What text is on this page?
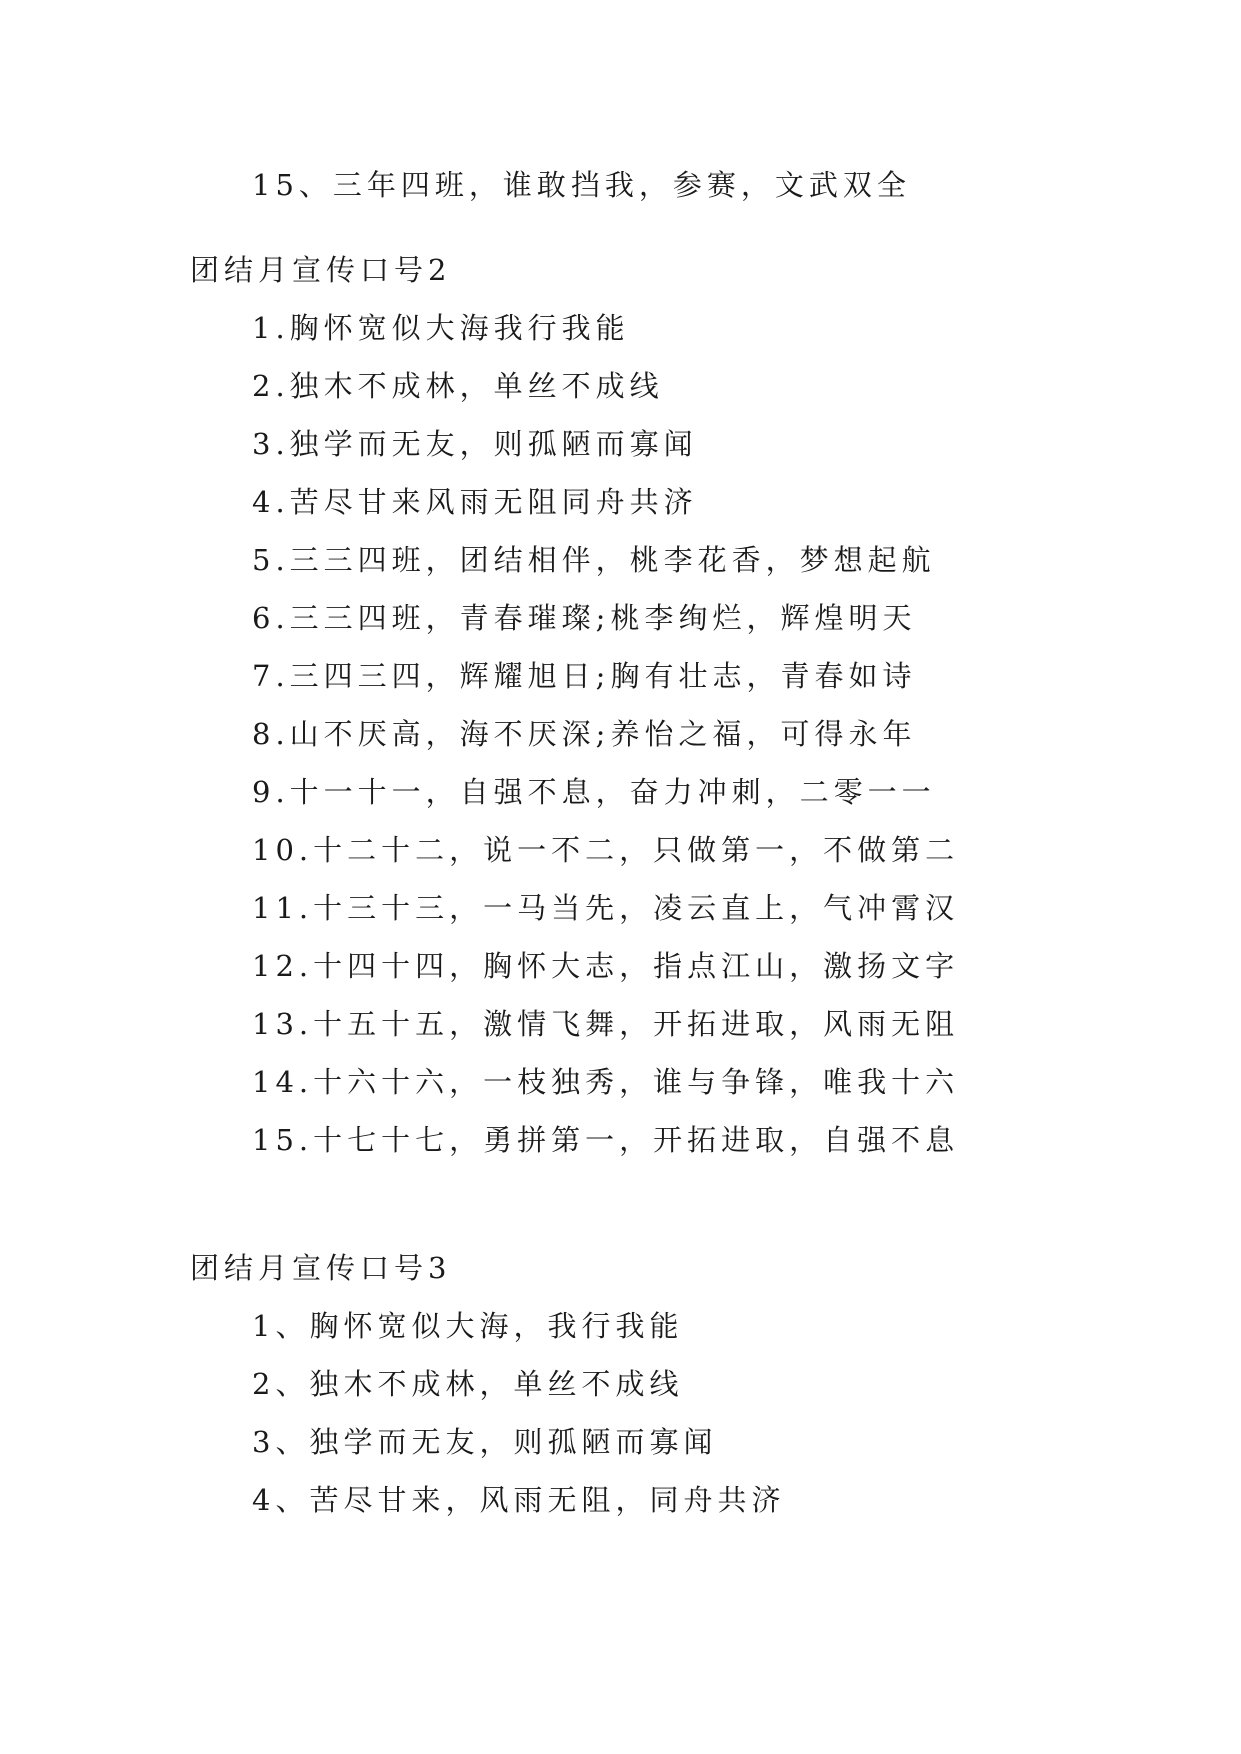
15、三年四班，谁敢挡我，参赛，文武双全
团结月宣传口号2
1.胸怀宽似大海我行我能
2.独木不成林，单丝不成线
3.独学而无友，则孤陋而寡闻
4.苦尽甘来风雨无阻同舟共济
5.三三四班，团结相伴，桃李花香，梦想起航
6.三三四班，青春璀璨;桃李绚烂，辉煌明天
7.三四三四，辉耀旭日;胸有壮志，青春如诗
8.山不厌高，海不厌深;养怡之福，可得永年
9.十一十一，自强不息，奋力冲刺，二零一一
10.十二十二，说一不二，只做第一，不做第二
11.十三十三，一马当先，凌云直上，气冲霄汉
12.十四十四，胸怀大志，指点江山，激扬文字
13.十五十五，激情飞舞，开拓进取，风雨无阻
14.十六十六，一枝独秀，谁与争锋，唯我十六
15.十七十七，勇拼第一，开拓进取，自强不息
团结月宣传口号3
1、胸怀宽似大海，我行我能
2、独木不成林，单丝不成线
3、独学而无友，则孤陋而寡闻
4、苦尽甘来，风雨无阻，同舟共济
